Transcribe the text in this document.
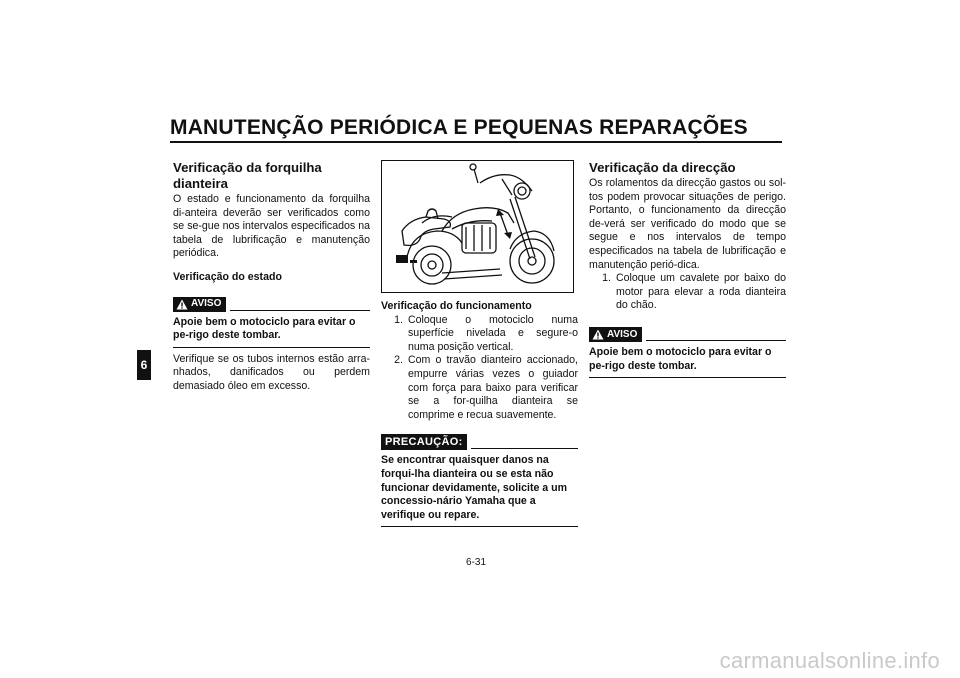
MANUTENÇÃO PERIÓDICA E PEQUENAS REPARAÇÕES
6
Verificação da forquilha dianteira

O estado e funcionamento da forquilha di-anteira deverão ser verificados como se se-gue nos intervalos especificados na tabela de lubrificação e manutenção periódica.

Verificação do estado

AVISO

Apoie bem o motociclo para evitar o pe-rigo deste tombar.

Verifique se os tubos internos estão arra-nhados, danificados ou perdem demasiado óleo em excesso.

Verificação do funcionamento

1. Coloque o motociclo numa superfície nivelada e segure-o numa posição vertical.
2. Com o travão dianteiro accionado, empurre várias vezes o guiador com força para baixo para verificar se a for-quilha dianteira se comprime e recua suavemente.
PRECAUÇÃO:

Se encontrar quaisquer danos na forqui-lha dianteira ou se esta não funcionar devidamente, solicite a um concessio-nário Yamaha que a verifique ou repare.

Verificação da direcção

Os rolamentos da direcção gastos ou sol-tos podem provocar situações de perigo. Portanto, o funcionamento da direcção de-verá ser verificado do modo que se segue e nos intervalos de tempo especificados na tabela de lubrificação e manutenção perió-dica.

1. Coloque um cavalete por baixo do motor para elevar a roda dianteira do chão.
AVISO

Apoie bem o motociclo para evitar o pe-rigo deste tombar.

6-31
carmanualsonline.info
